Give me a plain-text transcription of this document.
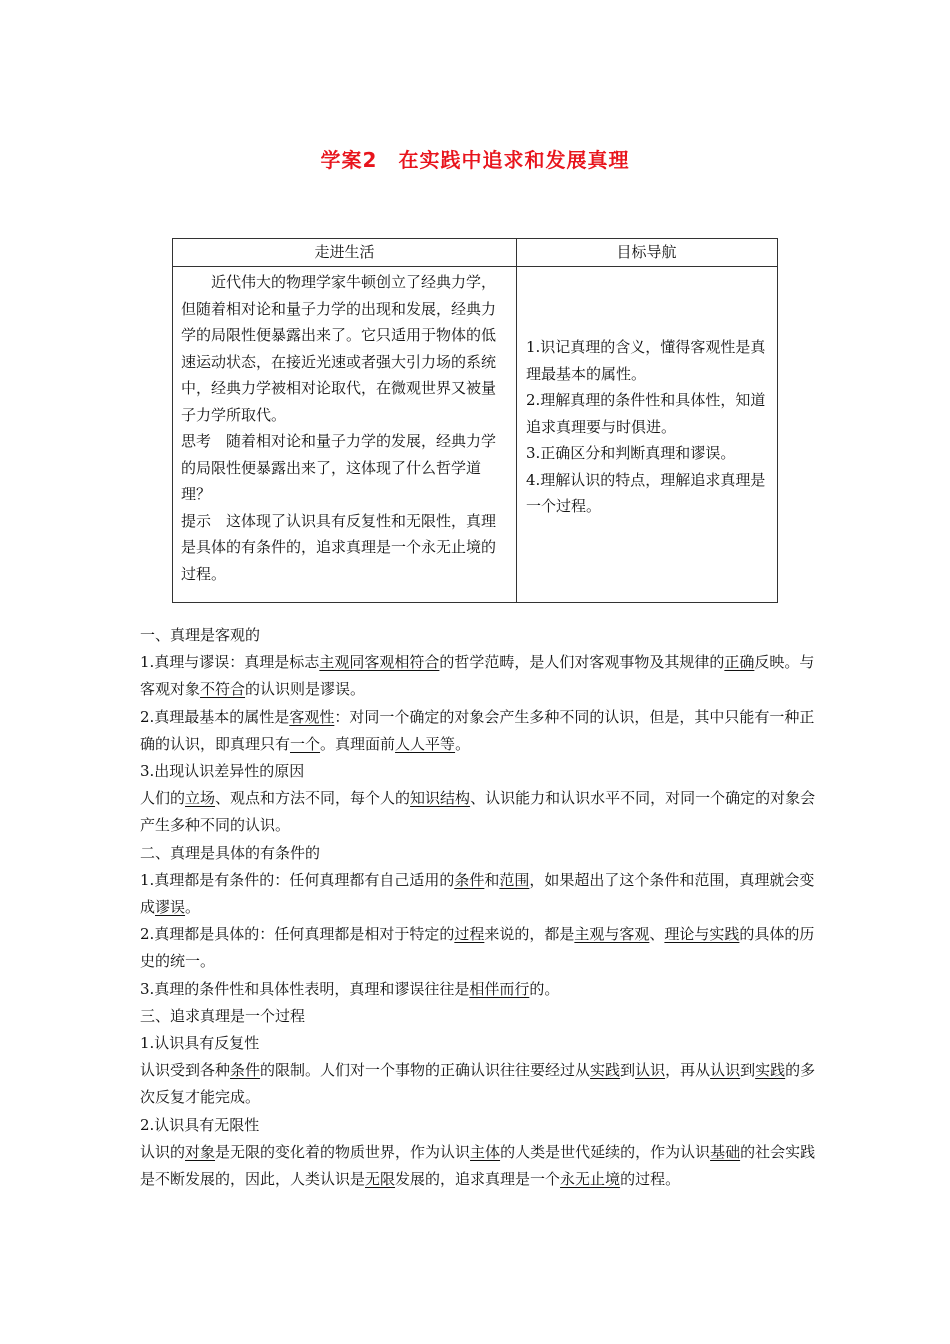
学案2　在实践中追求和发展真理
走进生活	目标导航

近代伟大的物理学家牛顿创立了经典力学，但随着相对论和量子力学的出现和发展，经典力学的局限性便暴露出来了。它只适用于物体的低速运动状态，在接近光速或者强大引力场的系统中，经典力学被相对论取代，在微观世界又被量子力学所取代。

思考　 随着相对论和量子力学的发展，经典力学的局限性便暴露出来了，这体现了什么哲学道理？

提示　 这体现了认识具有反复性和无限性，真理是具体的有条件的，追求真理是一个永无止境的过程。

1.识记真理的含义，懂得客观性是真理最基本的属性。

2.理解真理的条件性和具体性，知道追求真理要与时俱进。

3.正确区分和判断真理和谬误。

4.理解认识的特点，理解追求真理是一个过程。

一、真理是客观的

1.真理与谬误：真理是标志主观同客观相符合的哲学范畴，是人们对客观事物及其规律的正确反映。与客观对象不符合的认识则是谬误。

2.真理最基本的属性是客观性：对同一个确定的对象会产生多种不同的认识，但是，其中只能有一种正确的认识，即真理只有一个。真理面前人人平等。

3.出现认识差异性的原因

人们的立场、观点和方法不同，每个人的知识结构、认识能力和认识水平不同，对同一个确定的对象会产生多种不同的认识。

二、真理是具体的有条件的

1.真理都是有条件的：任何真理都有自己适用的条件和范围，如果超出了这个条件和范围，真理就会变成谬误。

2.真理都是具体的：任何真理都是相对于特定的过程来说的，都是主观与客观、理论与实践的具体的历史的统一。

3.真理的条件性和具体性表明，真理和谬误往往是相伴而行的。

三、追求真理是一个过程

1.认识具有反复性

认识受到各种条件的限制。人们对一个事物的正确认识往往要经过从实践到认识，再从认识到实践的多次反复才能完成。

2.认识具有无限性

认识的对象是无限的变化着的物质世界，作为认识主体的人类是世代延续的，作为认识基础的社会实践是不断发展的，因此，人类认识是无限发展的，追求真理是一个永无止境的过程。
